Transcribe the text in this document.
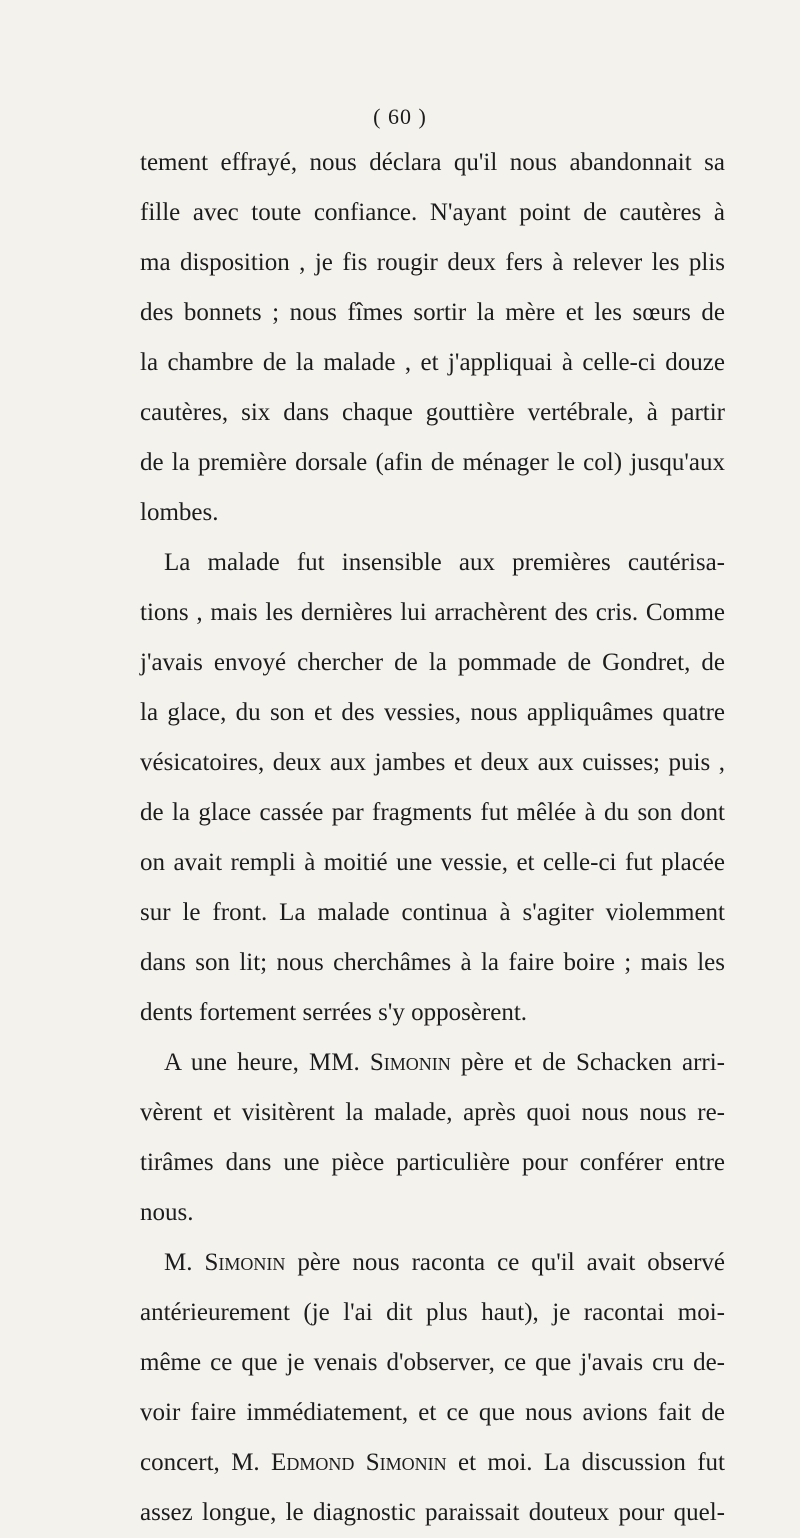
( 60 )
tement effrayé, nous déclara qu'il nous abandonnait sa
fille avec toute confiance. N'ayant point de cautères à
ma disposition , je fis rougir deux fers à relever les plis
des bonnets ; nous fîmes sortir la mère et les sœurs de
la chambre de la malade , et j'appliquai à celle-ci douze
cautères, six dans chaque gouttière vertébrale, à partir
de la première dorsale (afin de ménager le col) jusqu'aux
lombes.
La malade fut insensible aux premières cautérisa-
tions , mais les dernières lui arrachèrent des cris. Comme
j'avais envoyé chercher de la pommade de Gondret, de
la glace, du son et des vessies, nous appliquâmes quatre
vésicatoires, deux aux jambes et deux aux cuisses; puis ,
de la glace cassée par fragments fut mêlée à du son dont
on avait rempli à moitié une vessie, et celle-ci fut placée
sur le front. La malade continua à s'agiter violemment
dans son lit; nous cherchâmes à la faire boire ; mais les
dents fortement serrées s'y opposèrent.
A une heure, MM. Simonin père et de Schacken arri-
vèrent et visitèrent la malade, après quoi nous nous re-
tirâmes dans une pièce particulière pour conférer entre
nous.
M. Simonin père nous raconta ce qu'il avait observé
antérieurement (je l'ai dit plus haut), je racontai moi-
même ce que je venais d'observer, ce que j'avais cru de-
voir faire immédiatement, et ce que nous avions fait de
concert, M. Edmond Simonin et moi. La discussion fut
assez longue, le diagnostic paraissait douteux pour quel-
